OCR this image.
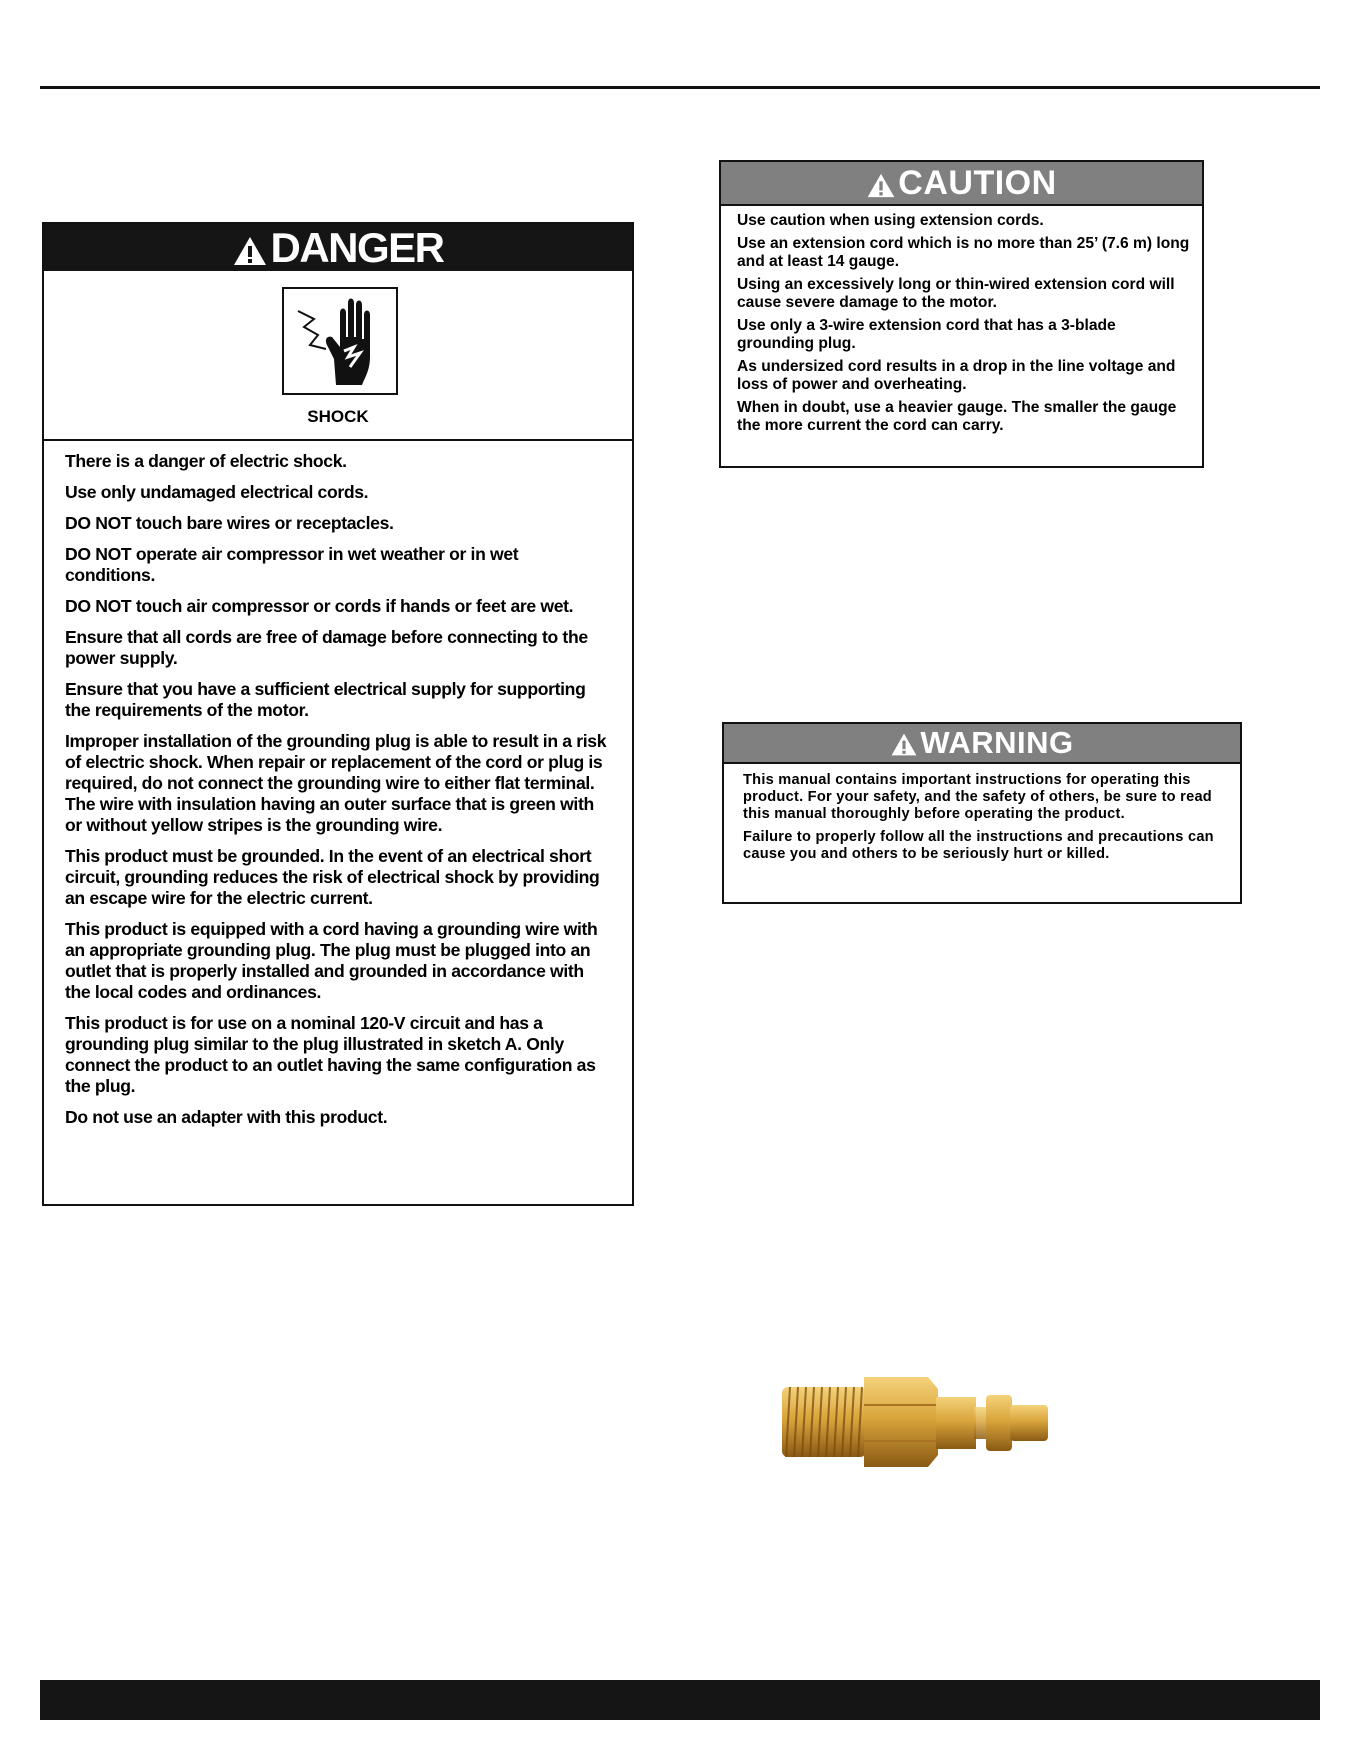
DANGER
SHOCK
There is a danger of electric shock.
Use only undamaged electrical cords.
DO NOT touch bare wires or receptacles.
DO NOT operate air compressor in wet weather or in wet conditions.
DO NOT touch air compressor or cords if hands or feet are wet.
Ensure that all cords are free of damage before connecting to the power supply.
Ensure that you have a sufficient electrical supply for supporting the requirements of the motor.
Improper installation of the grounding plug is able to result in a risk of electric shock. When repair or replacement of the cord or plug is required, do not connect the grounding wire to either flat terminal. The wire with insulation having an outer surface that is green with or without yellow stripes is the grounding wire.
This product must be grounded. In the event of an electrical short circuit, grounding reduces the risk of electrical shock by providing an escape wire for the electric current.
This product is equipped with a cord having a grounding wire with an appropriate grounding plug. The plug must be plugged into an outlet that is properly installed and grounded in accordance with the local codes and ordinances.
This product is for use on a nominal 120-V circuit and has a grounding plug similar to the plug illustrated in sketch A. Only connect the product to an outlet having the same configuration as the plug.
Do not use an adapter with this product.
CAUTION
Use caution when using extension cords.
Use an extension cord which is no more than 25’ (7.6 m) long and at least 14 gauge.
Using an excessively long or thin-wired extension cord will cause severe damage to the motor.
Use only a 3-wire extension cord that has a 3-blade grounding plug.
As undersized cord results in a drop in the line voltage and loss of power and overheating.
When in doubt, use a heavier gauge. The smaller the gauge the more current the cord can carry.
WARNING
This manual contains important instructions for operating this product. For your safety, and the safety of others, be sure to read this manual thoroughly before operating the product.
Failure to properly follow all the instructions and precautions can cause you and others to be seriously hurt or killed.
